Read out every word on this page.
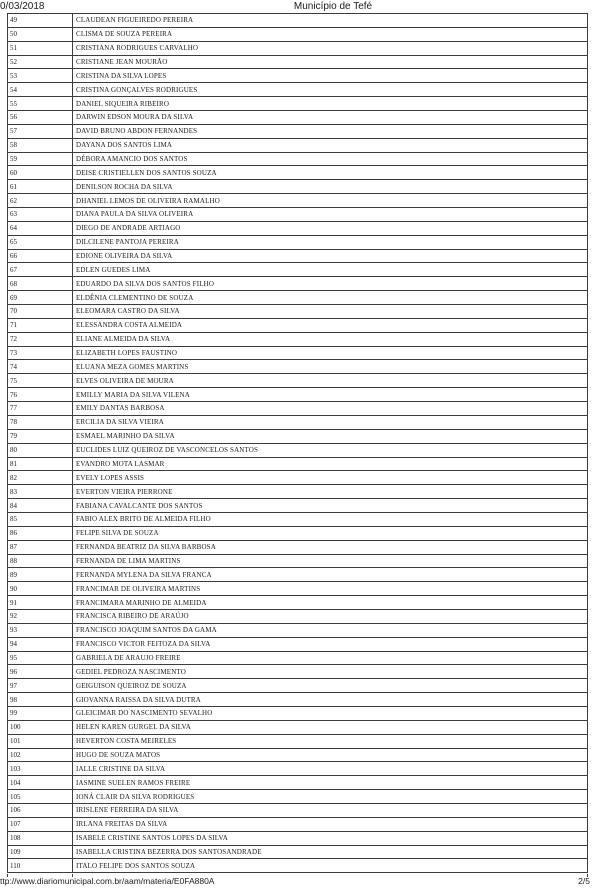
0/03/2018	Município de Tefé
49	CLAUDEAN FIGUEIREDO PEREIRA
50	CLISMA DE SOUZA PEREIRA
51	CRISTIANA RODRIGUES CARVALHO
52	CRISTIANE JEAN MOURÃO
53	CRISTINA DA SILVA LOPES
54	CRISTINA GONÇALVES RODRIGUES
55	DANIEL SIQUEIRA RIBEIRO
56	DARWIN EDSON MOURA DA SILVA
57	DAVID BRUNO ABDON FERNANDES
58	DAYANA DOS SANTOS LIMA
59	DÉBORA AMANCIO DOS SANTOS
60	DEISE CRISTIELLEN DOS SANTOS SOUZA
61	DENILSON ROCHA DA SILVA
62	DHANIEL LEMOS DE OLIVEIRA RAMALHO
63	DIANA PAULA DA SILVA OLIVEIRA
64	DIEGO DE ANDRADE ARTIAGO
65	DILCILENE PANTOJA PEREIRA
66	EDIONE OLIVEIRA DA SILVA
67	EDLEN GUEDES LIMA
68	EDUARDO DA SILVA DOS SANTOS FILHO
69	ELDÊNIA CLEMENTINO DE SOUZA
70	ELEOMARA CASTRO DA SILVA
71	ELESSANDRA COSTA ALMEIDA
72	ELIANE ALMEIDA DA SILVA
73	ELIZABETH LOPES FAUSTINO
74	ELUANA MEZA GOMES MARTINS
75	ELVES OLIVEIRA DE MOURA
76	EMILLY MARIA DA SILVA VILENA
77	EMILY DANTAS BARBOSA
78	ERCILIA DA SILVA VIEIRA
79	ESMAEL MARINHO DA SILVA
80	EUCLIDES LUIZ QUEIROZ DE VASCONCELOS SANTOS
81	EVANDRO MOTA LASMAR
82	EVELY LOPES ASSIS
83	EVERTON VIEIRA PIERRONE
84	FABIANA CAVALCANTE DOS SANTOS
85	FABIO ALEX BRITO DE ALMEIDA FILHO
86	FELIPE SILVA DE SOUZA
87	FERNANDA BEATRIZ DA SILVA BARBOSA
88	FERNANDA DE LIMA MARTINS
89	FERNANDA MYLENA DA SILVA FRANCA
90	FRANCIMAR DE OLIVEIRA MARTINS
91	FRANCIMARA MARINHO DE ALMEIDA
92	FRANCISCA RIBEIRO DE ARAÚJO
93	FRANCISCO JOAQUIM SANTOS DA GAMA
94	FRANCISCO VICTOR FEITOZA DA SILVA
95	GABRIELA DE ARAUJO FREIRE
96	GEDIEL PEDROZA NASCIMENTO
97	GEIGUISON QUEIROZ DE SOUZA
98	GIOVANNA RAISSA DA SILVA DUTRA
99	GLEICIMAR DO NASCIMENTO SEVALHO
100	HELEN KAREN GURGEL DA SILVA
101	HEVERTON COSTA MEIRELES
102	HUGO DE SOUZA MATOS
103	IALLE CRISTINE DA SILVA
104	IASMINE SUELEN RAMOS FREIRE
105	IONÁ CLAIR DA SILVA RODRIGUES
106	IRISLENE FERREIRA DA SILVA
107	IRLANA FREITAS DA SILVA
108	ISABELE CRISTINE SANTOS LOPES DA SILVA
109	ISABELLA CRISTINA BEZERRA DOS SANTOSANDRADE
110	ITALO FELIPE DOS SANTOS SOUZA
ttp://www.diariomunicipal.com.br/aam/materia/E0FA880A	2/5
